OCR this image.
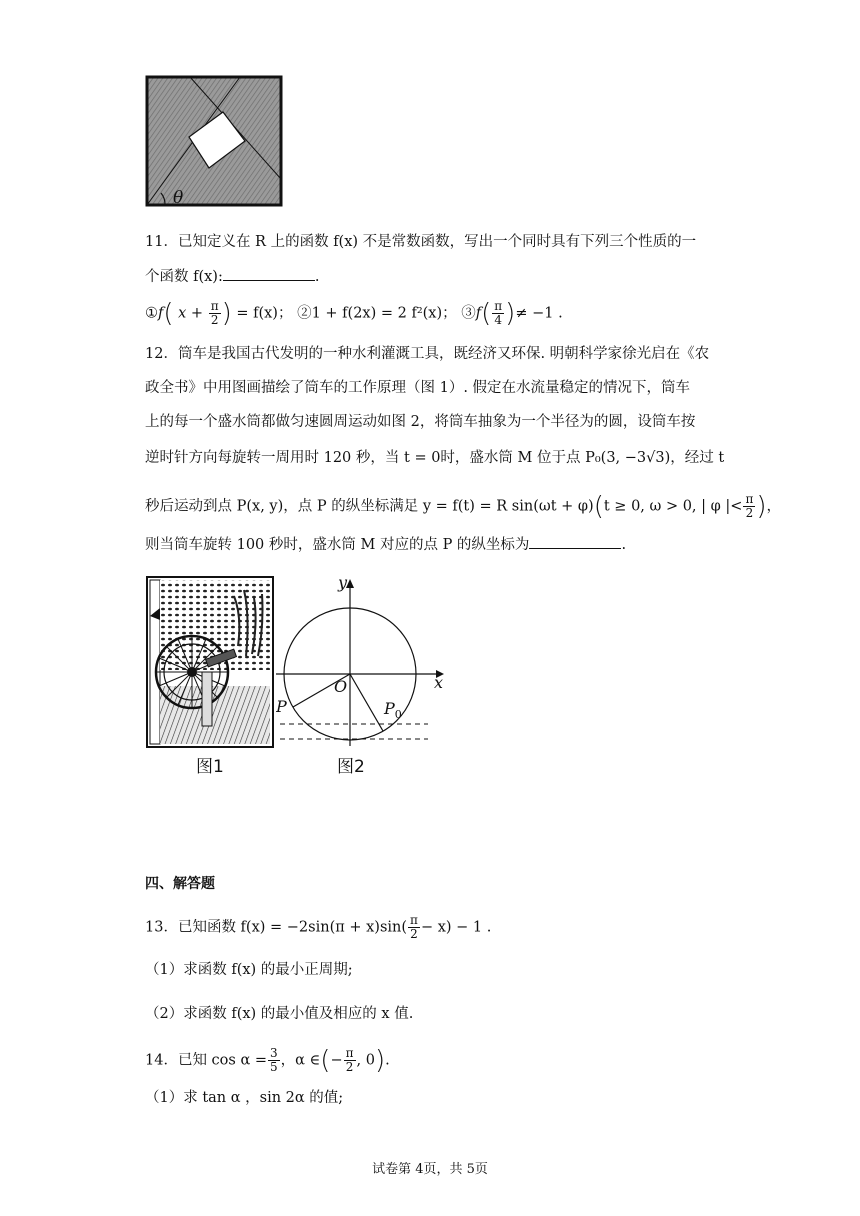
θ
11．已知定义在 R 上的函数 f(x) 不是常数函数，写出一个同时具有下列三个性质的一
个函数 f(x):	.
①f( $x + \frac{\pi}{2}$ ) = f(x)； ②1 + f(2x) = 2 f²(x)； ③f( $\frac{\pi}{4}$ )≠ −1 .
12．筒车是我国古代发明的一种水利灌溉工具，既经济又环保. 明朝科学家徐光启在《农
政全书》中用图画描绘了筒车的工作原理（图 1）. 假定在水流量稳定的情况下，筒车
上的每一个盛水筒都做匀速圆周运动如图 2，将筒车抽象为一个半径为的圆，设筒车按
逆时针方向每旋转一周用时 120 秒，当 t = 0时，盛水筒 M 位于点 P₀(3, −3√3)，经过 t
秒后运动到点 P(x, y)，点 P 的纵坐标满足 y = f(t) = R sin(ωt + φ)(t ≥ 0, ω > 0, | φ |< $\frac{\pi}{2}$ )，
则当筒车旋转 100 秒时，盛水筒 M 对应的点 P 的纵坐标为	.
图1
x
y
O
P	$P_0$
图2
四、解答题
13．已知函数 $f(x) = -2\sin(\pi + x)\sin( \frac{\pi}{2} - x) - 1$ .
（1）求函数 f(x) 的最小正周期;
（2）求函数 f(x) 的最小值及相应的 x 值.
14．已知 $\cos \alpha = \frac{3}{5}$ ，α ∈(− $\frac{\pi}{2}$ , 0).
（1）求 tan α ，sin 2α 的值;
试卷第 4页，共 5页
